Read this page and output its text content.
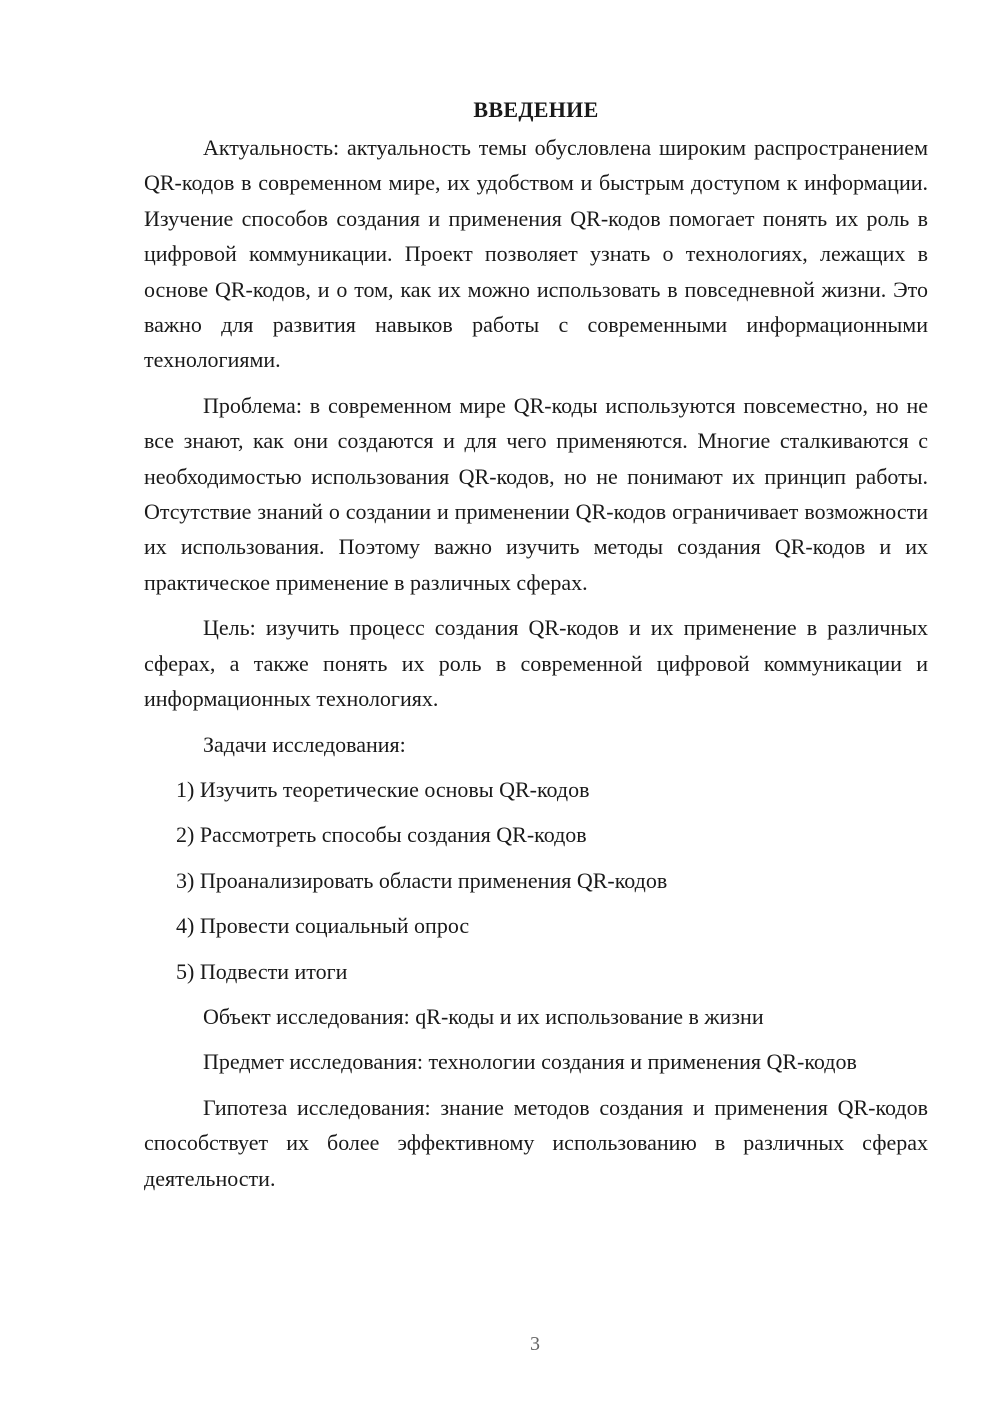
ВВЕДЕНИЕ

Актуальность: актуальность темы обусловлена широким распространением QR-кодов в современном мире, их удобством и быстрым доступом к информации. Изучение способов создания и применения QR-кодов помогает понять их роль в цифровой коммуникации. Проект позволяет узнать о технологиях, лежащих в основе QR-кодов, и о том, как их можно использовать в повседневной жизни. Это важно для развития навыков работы с современными информационными технологиями.

Проблема: в современном мире QR-коды используются повсеместно, но не все знают, как они создаются и для чего применяются. Многие сталкиваются с необходимостью использования QR-кодов, но не понимают их принцип работы. Отсутствие знаний о создании и применении QR-кодов ограничивает возможности их использования. Поэтому важно изучить методы создания QR-кодов и их практическое применение в различных сферах.

Цель: изучить процесс создания QR-кодов и их применение в различных сферах, а также понять их роль в современной цифровой коммуникации и информационных технологиях.

Задачи исследования:

1) Изучить теоретические основы QR-кодов
2) Рассмотреть способы создания QR-кодов
3) Проанализировать области применения QR-кодов
4) Провести социальный опрос
5) Подвести итоги

Объект исследования: qR-коды и их использование в жизни

Предмет исследования: технологии создания и применения QR-кодов

Гипотеза исследования: знание методов создания и применения QR-кодов способствует их более эффективному использованию в различных сферах деятельности.

3
